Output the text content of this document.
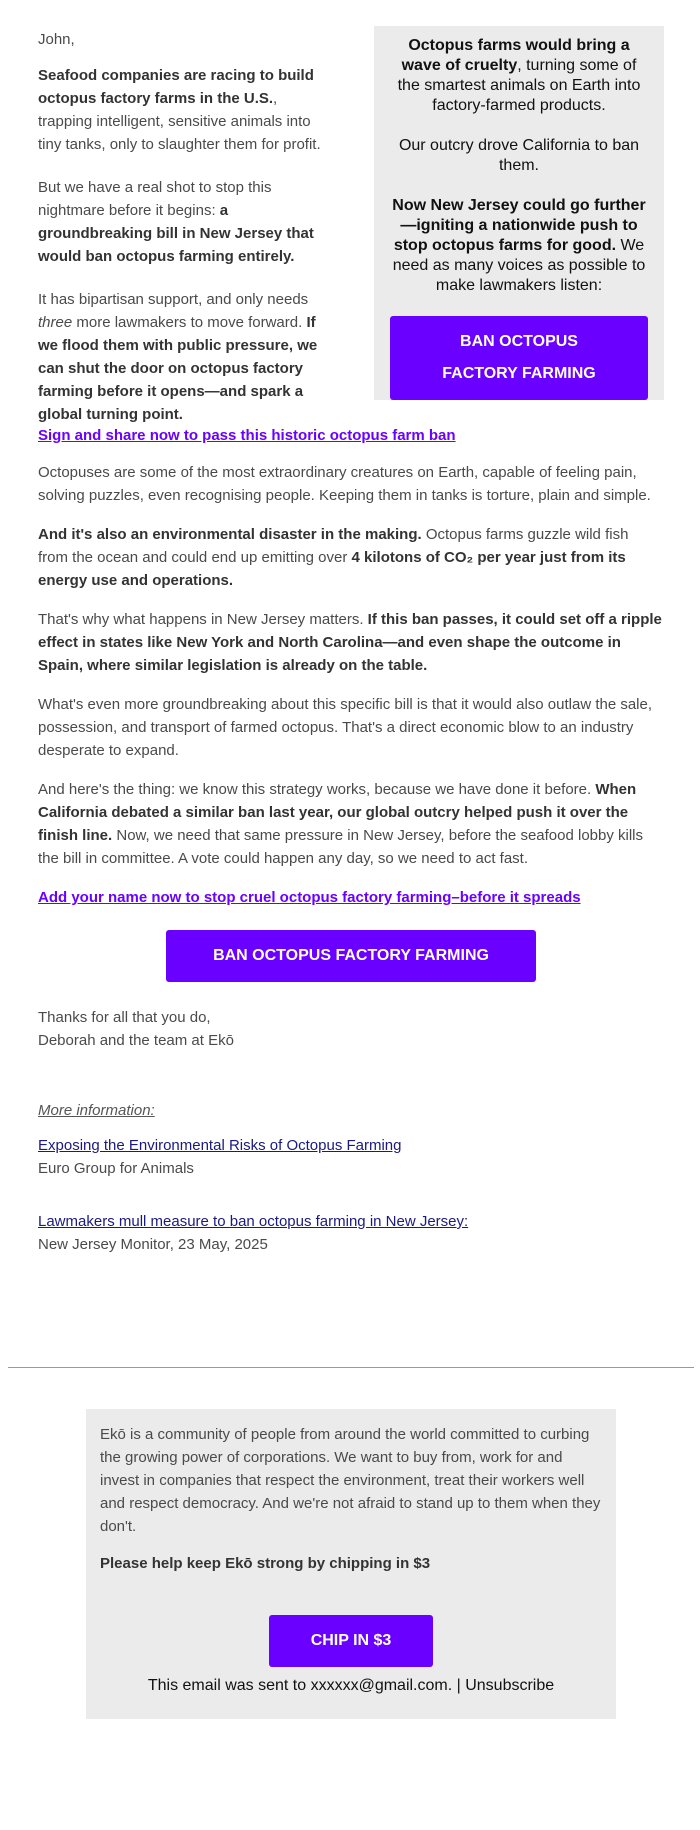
John,

Seafood companies are racing to build octopus factory farms in the U.S., trapping intelligent, sensitive animals into tiny tanks, only to slaughter them for profit.

But we have a real shot to stop this nightmare before it begins: a groundbreaking bill in New Jersey that would ban octopus farming entirely.

It has bipartisan support, and only needs three more lawmakers to move forward. If we flood them with public pressure, we can shut the door on octopus factory farming before it opens—and spark a global turning point.

Octopus farms would bring a wave of cruelty, turning some of the smartest animals on Earth into factory-farmed products.

Our outcry drove California to ban them.

Now New Jersey could go further—igniting a nationwide push to stop octopus farms for good. We need as many voices as possible to make lawmakers listen:

BAN OCTOPUS
FACTORY FARMING

Sign and share now to pass this historic octopus farm ban

Octopuses are some of the most extraordinary creatures on Earth, capable of feeling pain, solving puzzles, even recognising people. Keeping them in tanks is torture, plain and simple.

And it's also an environmental disaster in the making. Octopus farms guzzle wild fish from the ocean and could end up emitting over 4 kilotons of CO₂ per year just from its energy use and operations.

That's why what happens in New Jersey matters. If this ban passes, it could set off a ripple effect in states like New York and North Carolina—and even shape the outcome in Spain, where similar legislation is already on the table.

What's even more groundbreaking about this specific bill is that it would also outlaw the sale, possession, and transport of farmed octopus. That's a direct economic blow to an industry desperate to expand.

And here's the thing: we know this strategy works, because we have done it before. When California debated a similar ban last year, our global outcry helped push it over the finish line. Now, we need that same pressure in New Jersey, before the seafood lobby kills the bill in committee. A vote could happen any day, so we need to act fast.

Add your name now to stop cruel octopus factory farming–before it spreads

BAN OCTOPUS FACTORY FARMING
Thanks for all that you do,
Deborah and the team at Ekō
More information:
Exposing the Environmental Risks of Octopus Farming
Euro Group for Animals
Lawmakers mull measure to ban octopus farming in New Jersey:
New Jersey Monitor, 23 May, 2025

Ekō is a community of people from around the world committed to curbing the growing power of corporations. We want to buy from, work for and invest in companies that respect the environment, treat their workers well and respect democracy. And we're not afraid to stand up to them when they don't.

Please help keep Ekō strong by chipping in $3

CHIP IN $3
This email was sent to xxxxxx@gmail.com. | Unsubscribe
